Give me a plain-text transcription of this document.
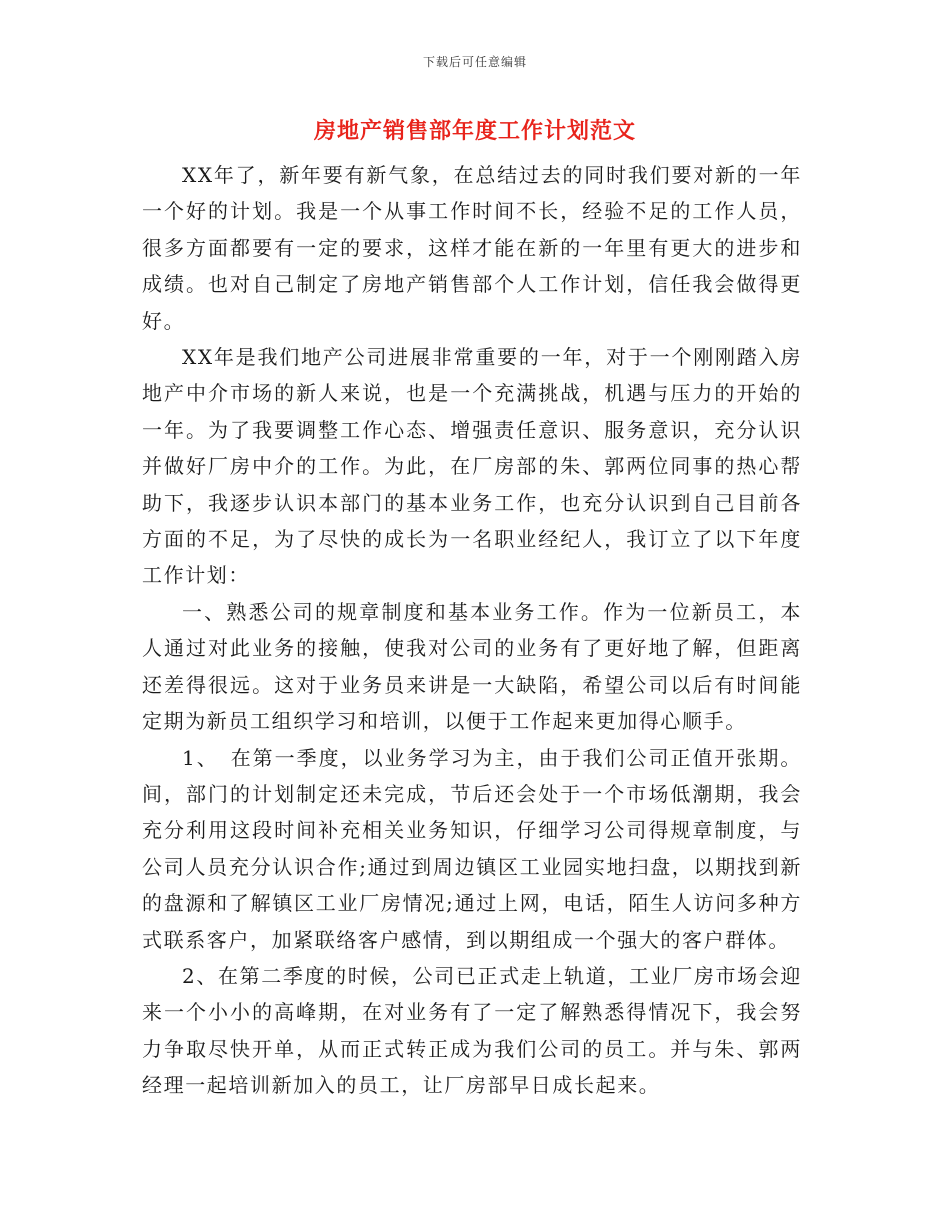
下载后可任意编辑
房地产销售部年度工作计划范文

XX年了，新年要有新气象，在总结过去的同时我们要对新的一年一个好的计划。我是一个从事工作时间不长，经验不足的工作人员，很多方面都要有一定的要求，这样才能在新的一年里有更大的进步和成绩。也对自己制定了房地产销售部个人工作计划，信任我会做得更好。

XX年是我们地产公司进展非常重要的一年，对于一个刚刚踏入房地产中介市场的新人来说，也是一个充满挑战，机遇与压力的开始的一年。为了我要调整工作心态、增强责任意识、服务意识，充分认识并做好厂房中介的工作。为此，在厂房部的朱、郭两位同事的热心帮助下，我逐步认识本部门的基本业务工作，也充分认识到自己目前各方面的不足，为了尽快的成长为一名职业经纪人，我订立了以下年度工作计划：

一、熟悉公司的规章制度和基本业务工作。作为一位新员工，本人通过对此业务的接触，使我对公司的业务有了更好地了解，但距离还差得很远。这对于业务员来讲是一大缺陷，希望公司以后有时间能定期为新员工组织学习和培训，以便于工作起来更加得心顺手。

1、　在第一季度，以业务学习为主，由于我们公司正值开张期。间，部门的计划制定还未完成，节后还会处于一个市场低潮期，我会充分利用这段时间补充相关业务知识，仔细学习公司得规章制度，与公司人员充分认识合作;通过到周边镇区工业园实地扫盘，以期找到新的盘源和了解镇区工业厂房情况;通过上网，电话，陌生人访问多种方式联系客户，加紧联络客户感情，到以期组成一个强大的客户群体。

2、在第二季度的时候，公司已正式走上轨道，工业厂房市场会迎来一个小小的高峰期，在对业务有了一定了解熟悉得情况下，我会努力争取尽快开单，从而正式转正成为我们公司的员工。并与朱、郭两经理一起培训新加入的员工，让厂房部早日成长起来。
